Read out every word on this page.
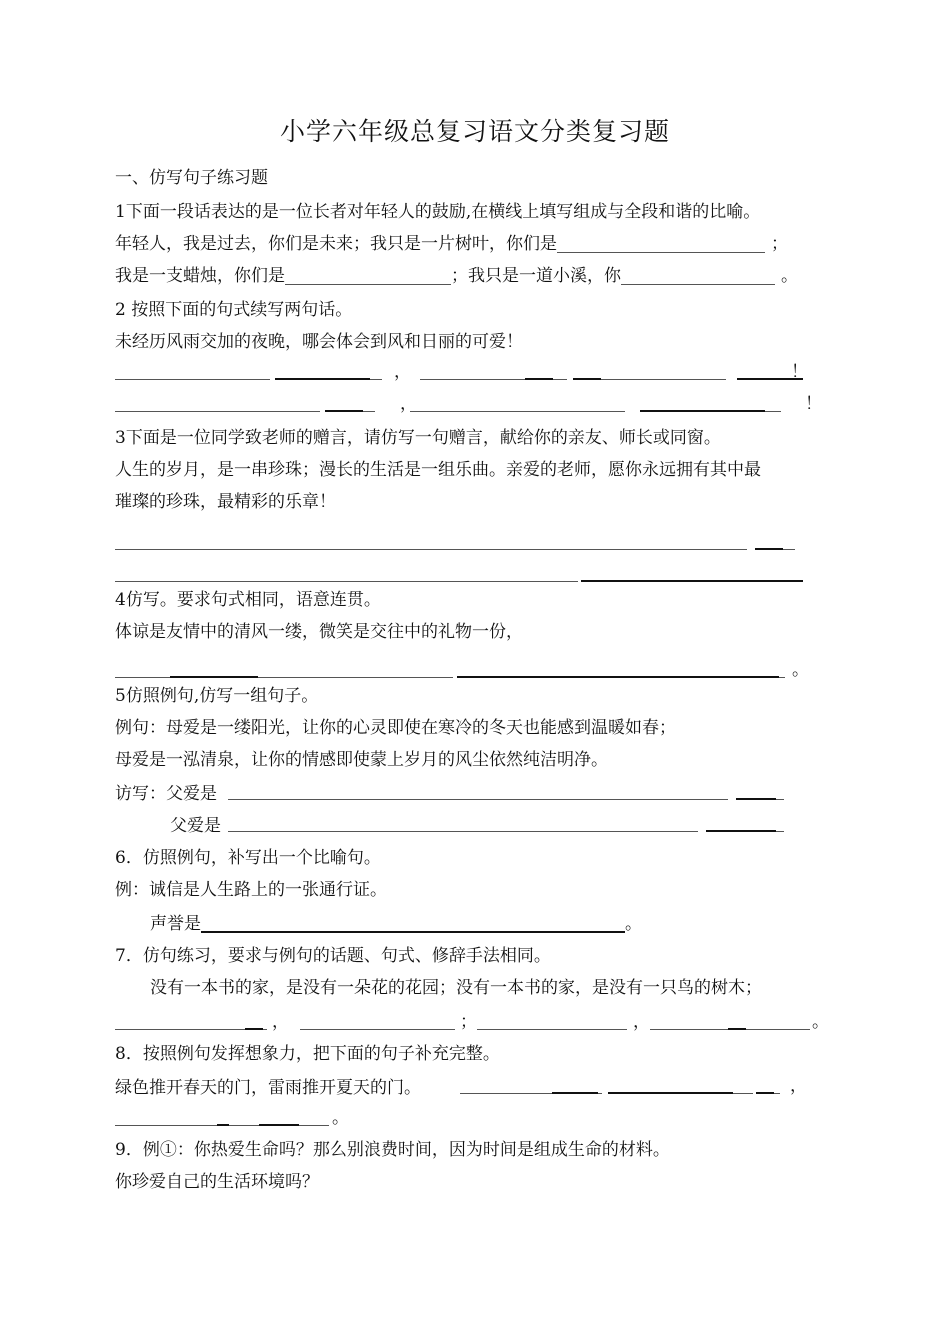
小学六年级总复习语文分类复习题
一、仿写句子练习题
1下面一段话表达的是一位长者对年轻人的鼓励,在横线上填写组成与全段和谐的比喻。
年轻人，我是过去，你们是未来；我只是一片树叶，你们是	；
我是一支蜡烛，你们是	；我只是一道小溪，你	。
2 按照下面的句式续写两句话。
未经历风雨交加的夜晚，哪会体会到风和日丽的可爱！
，	！
，	！
3下面是一位同学致老师的赠言，请仿写一句赠言，献给你的亲友、师长或同窗。
人生的岁月，是一串珍珠；漫长的生活是一组乐曲。亲爱的老师，愿你永远拥有其中最
璀璨的珍珠，最精彩的乐章！
4仿写。要求句式相同，语意连贯。
体谅是友情中的清风一缕，微笑是交往中的礼物一份，
。
5仿照例句,仿写一组句子。
例句：母爱是一缕阳光，让你的心灵即使在寒冷的冬天也能感到温暖如春；
母爱是一泓清泉，让你的情感即使蒙上岁月的风尘依然纯洁明净。
访写：父爱是
父爱是
6．仿照例句，补写出一个比喻句。
例：诚信是人生路上的一张通行证。
声誉是	。
7．仿句练习，要求与例句的话题、句式、修辞手法相同。
没有一本书的家，是没有一朵花的花园；没有一本书的家，是没有一只鸟的树木；
，	；	，	。
8．按照例句发挥想象力，把下面的句子补充完整。
绿色推开春天的门，雷雨推开夏天的门。	，
。
9．例①：你热爱生命吗？那么别浪费时间，因为时间是组成生命的材料。
你珍爱自己的生活环境吗？
